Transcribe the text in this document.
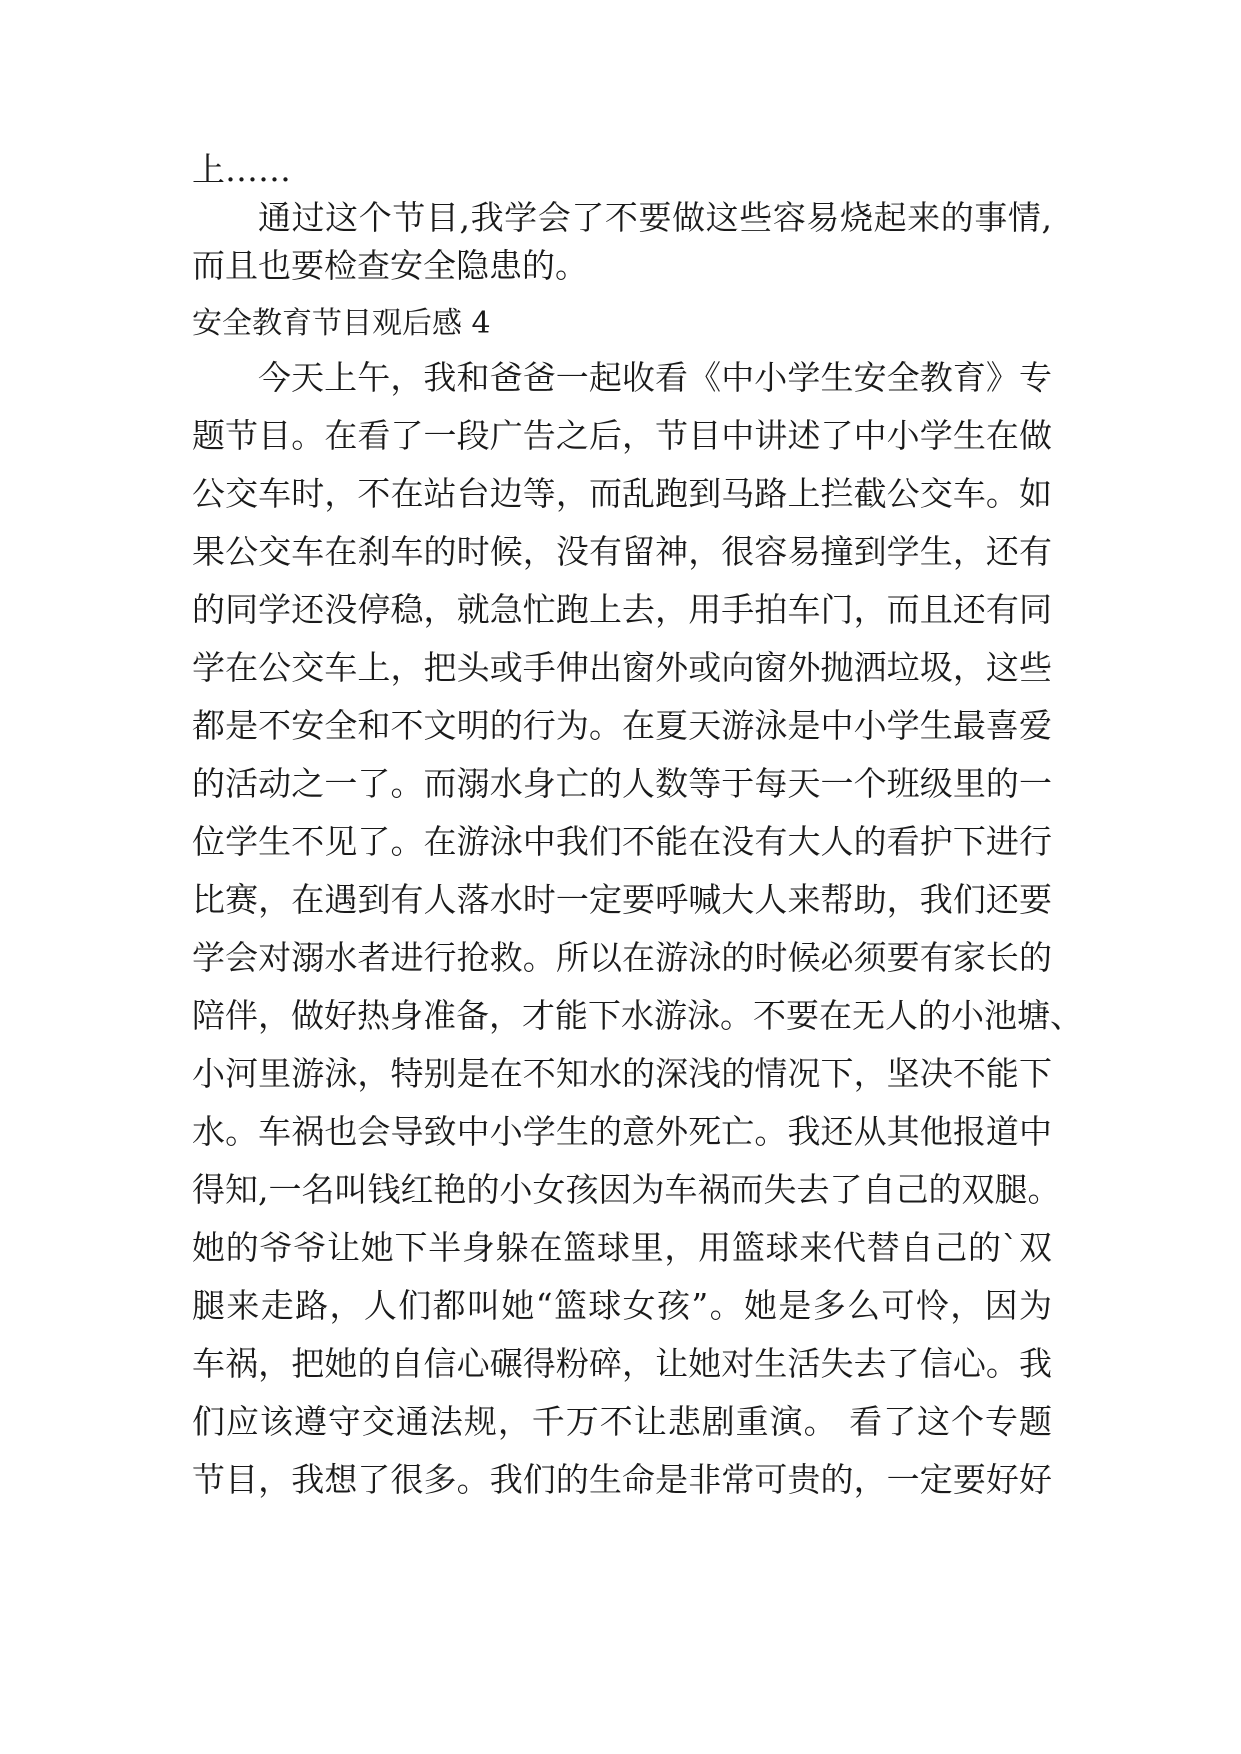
上……
通过这个节目,我学会了不要做这些容易烧起来的事情,
而且也要检查安全隐患的。
安全教育节目观后感 4
今天上午，我和爸爸一起收看《中小学生安全教育》专
题节目。在看了一段广告之后，节目中讲述了中小学生在做
公交车时，不在站台边等，而乱跑到马路上拦截公交车。如
果公交车在刹车的时候，没有留神，很容易撞到学生，还有
的同学还没停稳，就急忙跑上去，用手拍车门，而且还有同
学在公交车上，把头或手伸出窗外或向窗外抛洒垃圾，这些
都是不安全和不文明的行为。在夏天游泳是中小学生最喜爱
的活动之一了。而溺水身亡的人数等于每天一个班级里的一
位学生不见了。在游泳中我们不能在没有大人的看护下进行
比赛，在遇到有人落水时一定要呼喊大人来帮助，我们还要
学会对溺水者进行抢救。所以在游泳的时候必须要有家长的
陪伴，做好热身准备，才能下水游泳。不要在无人的小池塘、
小河里游泳，特别是在不知水的深浅的情况下，坚决不能下
水。车祸也会导致中小学生的意外死亡。我还从其他报道中
得知,一名叫钱红艳的小女孩因为车祸而失去了自己的双腿。
她的爷爷让她下半身躲在篮球里，用篮球来代替自己的`双
腿来走路，人们都叫她“篮球女孩”。她是多么可怜，因为
车祸，把她的自信心碾得粉碎，让她对生活失去了信心。我
们应该遵守交通法规，千万不让悲剧重演。 看了这个专题
节目，我想了很多。我们的生命是非常可贵的，一定要好好
